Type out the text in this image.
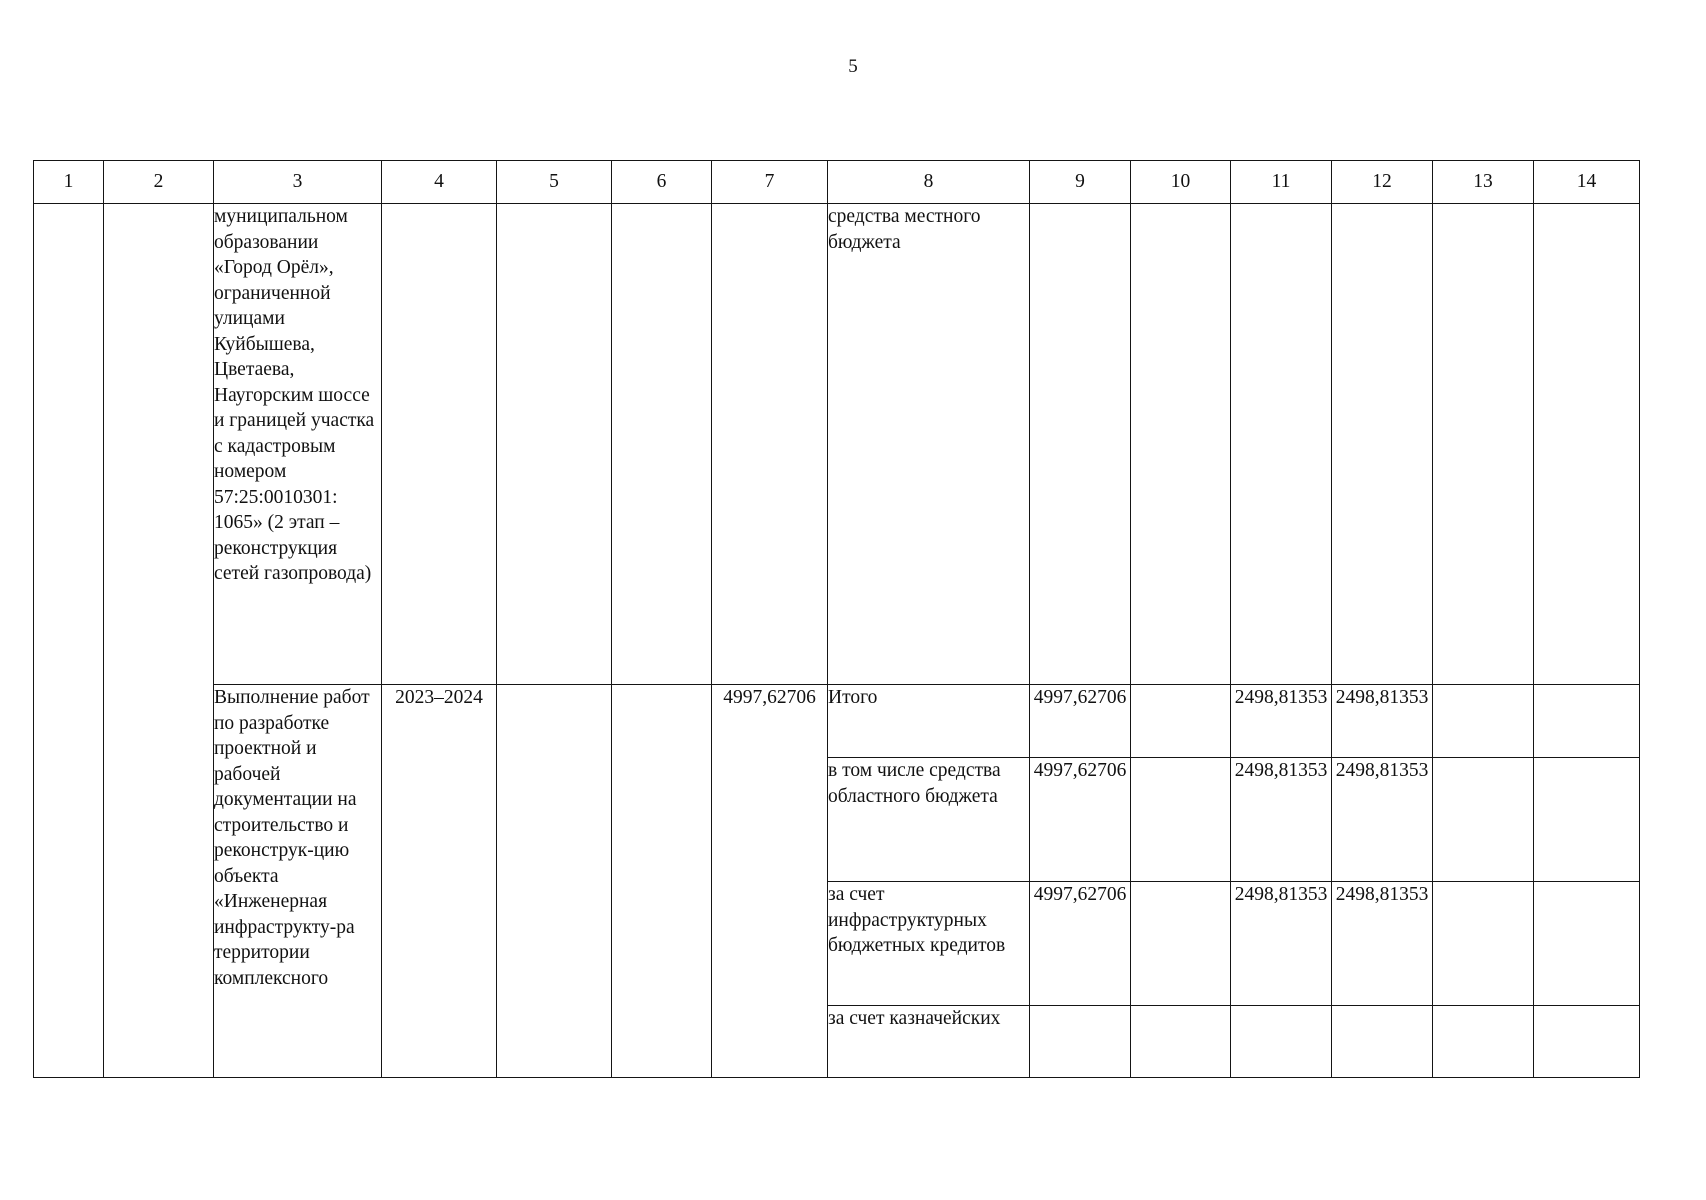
5
1	2	3	4	5	6	7	8	9	10	11	12	13	14

		муниципальном образовании «Город Орёл», ограниченной улицами Куйбышева, Цветаева, Наугорским шоссе и границей участка с кадастровым номером 57:25:0010301: 1065» (2 этап – реконструкция сетей газопровода)					средства местного бюджета						

		Выполнение работ по разработке проектной и рабочей документации на строительство и реконструк-цию объекта «Инженерная инфраструкту-ра территории комплексного	2023–2024			4997,62706	Итого	4997,62706		2498,81353	2498,81353		
							в том числе средства областного бюджета	4997,62706		2498,81353	2498,81353		
							за счет инфраструктурных бюджетных кредитов	4997,62706		2498,81353	2498,81353		
							за счет казначейских						
